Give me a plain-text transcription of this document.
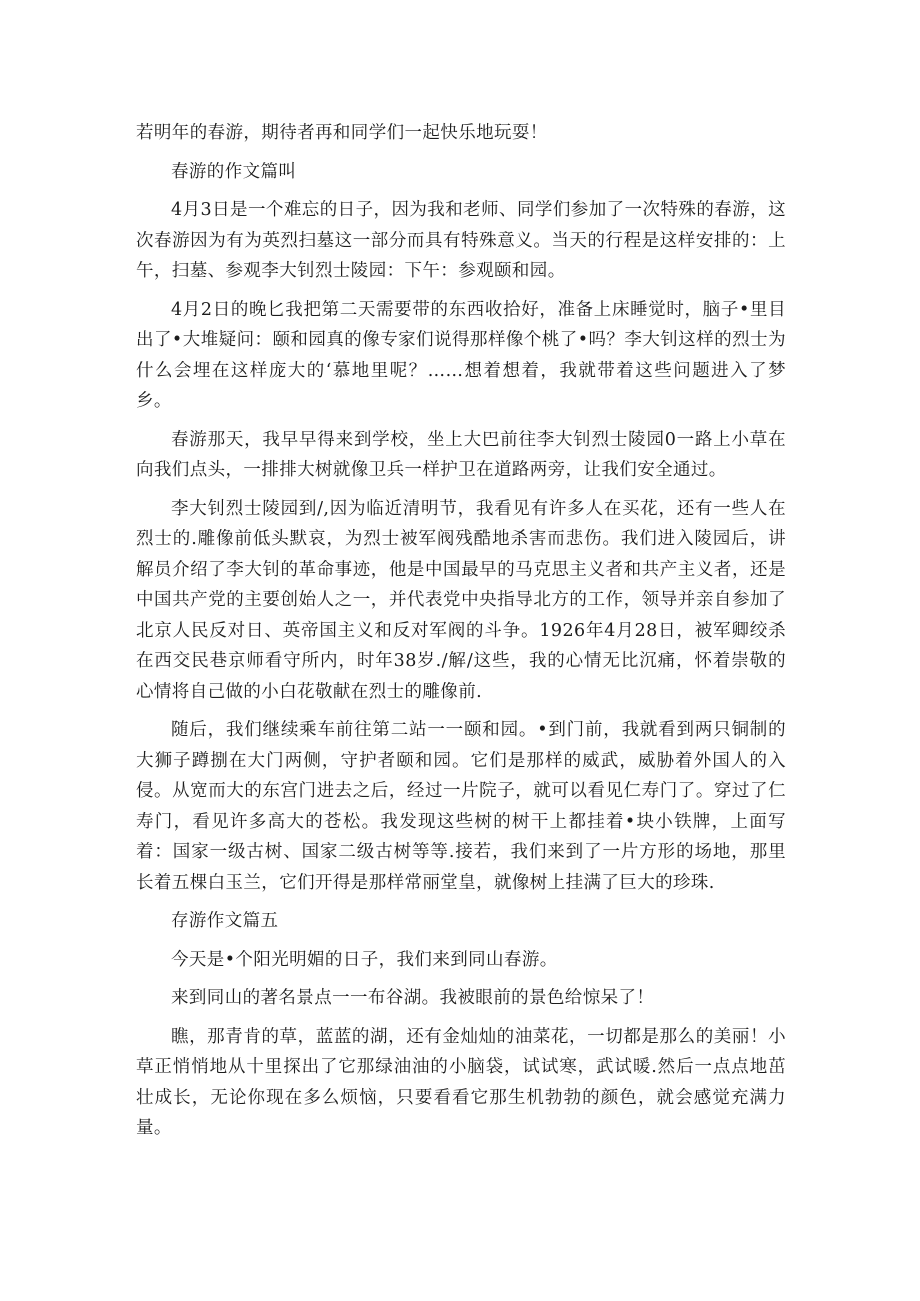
若明年的春游，期待者再和同学们一起快乐地玩耍！

春游的作文篇叫

4月3日是一个难忘的日子，因为我和老师、同学们参加了一次特殊的春游，这次春游因为有为英烈扫墓这一部分而具有特殊意义。当天的行程是这样安排的：上午，扫墓、参观李大钊烈士陵园：下午：参观颐和园。

4月2日的晚匕我把第二天需要带的东西收拾好，准备上床睡觉时，脑子•里目出了•大堆疑问：颐和园真的像专家们说得那样像个桃了•吗？李大钊这样的烈士为什么会埋在这样庞大的‘慕地里呢？……想着想着，我就带着这些问题进入了梦乡。

春游那天，我早早得来到学校，坐上大巴前往李大钊烈士陵园0一路上小草在向我们点头，一排排大树就像卫兵一样护卫在道路两旁，让我们安全通过。

李大钊烈士陵园到/,因为临近清明节，我看见有许多人在买花，还有一些人在烈士的.雕像前低头默哀，为烈士被军阀残酷地杀害而悲伤。我们进入陵园后，讲解员介绍了李大钊的革命事迹，他是中国最早的马克思主义者和共产主义者，还是中国共产党的主要创始人之一，并代表党中央指导北方的工作，领导并亲自参加了北京人民反对日、英帝国主义和反对军阀的斗争。1926年4月28日，被军卿绞杀在西交民巷京师看守所内，时年38岁./解/这些，我的心情无比沉痛，怀着崇敬的心情将自己做的小白花敬献在烈士的雕像前.

随后，我们继续乘车前往第二站一一颐和园。•到门前，我就看到两只铜制的大狮子蹲捌在大门两侧，守护者颐和园。它们是那样的威武，威胁着外国人的入侵。从宽而大的东宫门进去之后，经过一片院子，就可以看见仁寿门了。穿过了仁寿门，看见许多高大的苍松。我发现这些树的树干上都挂着•块小铁牌，上面写着：国家一级古树、国家二级古树等等.接若，我们来到了一片方形的场地，那里长着五棵白玉兰，它们开得是那样常丽堂皇，就像树上挂满了巨大的珍珠.

存游作文篇五

今天是•个阳光明媚的日子，我们来到同山春游。

来到同山的著名景点一一布谷湖。我被眼前的景色给惊呆了！

瞧，那青肯的草，蓝蓝的湖，还有金灿灿的油菜花，一切都是那么的美丽！小草正悄悄地从十里探出了它那绿油油的小脑袋，试试寒，武试暖.然后一点点地茁壮成长，无论你现在多么烦恼，只要看看它那生机勃勃的颜色，就会感觉充满力量。
